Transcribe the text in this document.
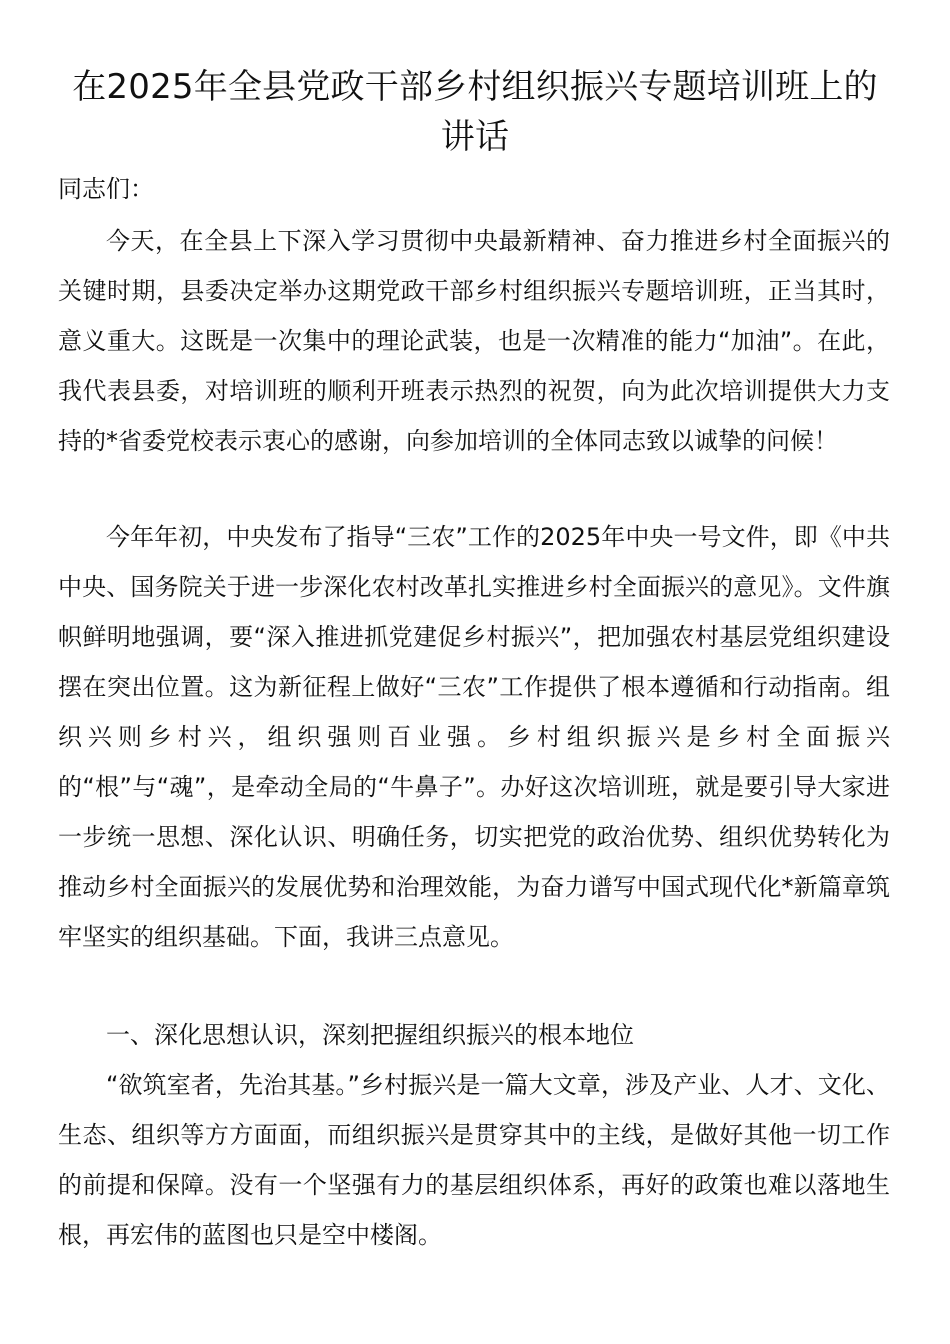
在2025年全县党政干部乡村组织振兴专题培训班上的讲话

同志们：

今天，在全县上下深入学习贯彻中央最新精神、奋力推进乡村全面振兴的关键时期，县委决定举办这期党政干部乡村组织振兴专题培训班，正当其时，意义重大。这既是一次集中的理论武装，也是一次精准的能力“加油”。在此，我代表县委，对培训班的顺利开班表示热烈的祝贺，向为此次培训提供大力支持的*省委党校表示衷心的感谢，向参加培训的全体同志致以诚挚的问候！

今年年初，中央发布了指导“三农”工作的2025年中央一号文件，即《中共中央、国务院关于进一步深化农村改革扎实推进乡村全面振兴的意见》。文件旗帜鲜明地强调，要“深入推进抓党建促乡村振兴”，把加强农村基层党组织建设摆在突出位置。这为新征程上做好“三农”工作提供了根本遵循和行动指南。组织兴则乡村兴，组织强则百业强。乡村组织振兴是乡村全面振兴的“根”与“魂”，是牵动全局的“牛鼻子”。办好这次培训班，就是要引导大家进一步统一思想、深化认识、明确任务，切实把党的政治优势、组织优势转化为推动乡村全面振兴的发展优势和治理效能，为奋力谱写中国式现代化*新篇章筑牢坚实的组织基础。下面，我讲三点意见。

一、深化思想认识，深刻把握组织振兴的根本地位

“欲筑室者，先治其基。”乡村振兴是一篇大文章，涉及产业、人才、文化、生态、组织等方方面面，而组织振兴是贯穿其中的主线，是做好其他一切工作的前提和保障。没有一个坚强有力的基层组织体系，再好的政策也难以落地生根，再宏伟的蓝图也只是空中楼阁。
